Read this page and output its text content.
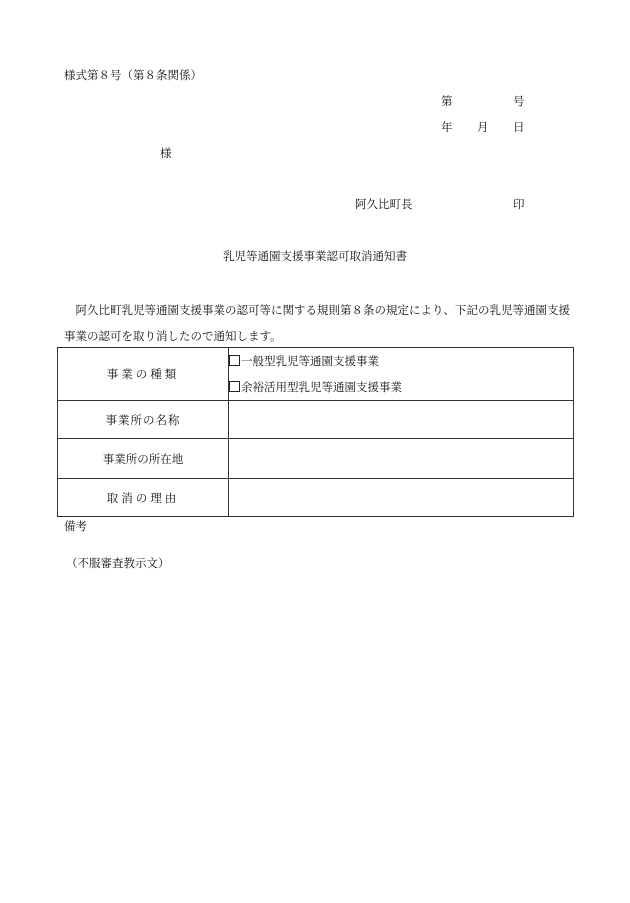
様式第８号（第８条関係）
第	号
年 月 日
様
阿久比町長	印
乳児等通園支援事業認可取消通知書
阿久比町乳児等通園支援事業の認可等に関する規則第８条の規定により、下記の乳児等通園支援事業の認可を取り消したので通知します。
事業の種類	一般型乳児等通園支援事業
余裕活用型乳児等通園支援事業

事業所の名称	
事業所の所在地	
取消の理由	
備考
（不服審査教示文）
